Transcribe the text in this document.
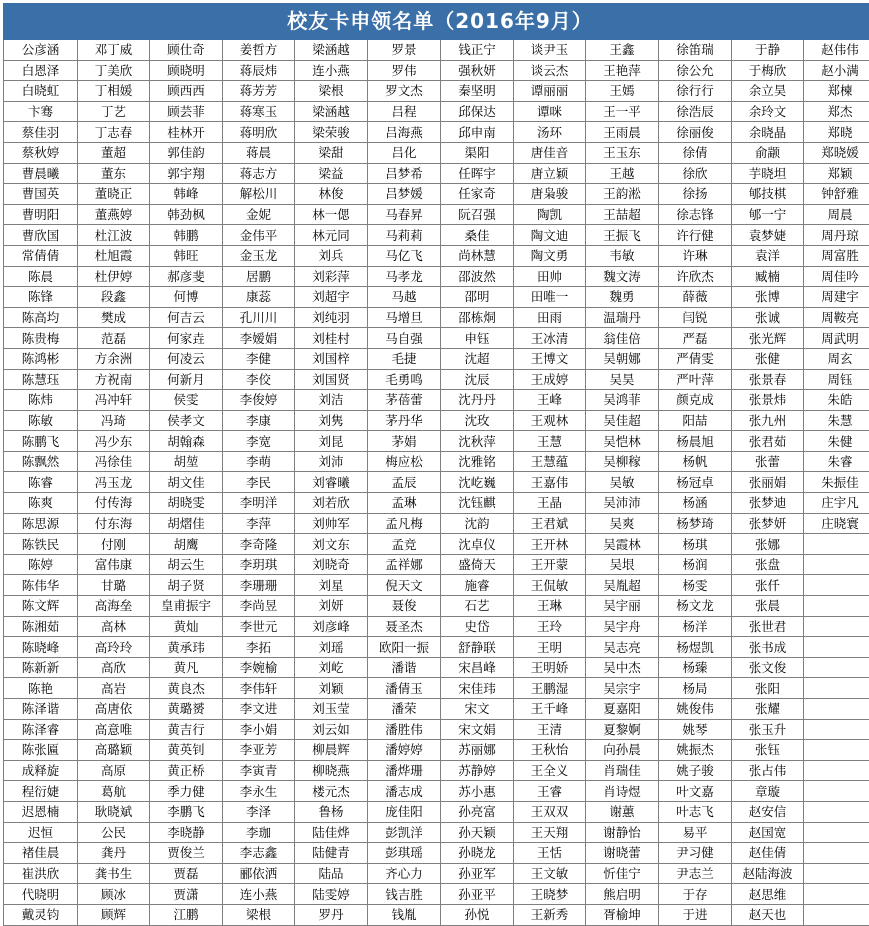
校友卡申领名单（2016年9月）											
公彦涵	邓丁威	顾仕奇	姜哲方	梁涵越	罗景	钱正宁	谈尹玉	王鑫	徐笛瑞	于静	赵伟伟
白恩泽	丁美欣	顾晓明	蒋辰炜	连小燕	罗伟	强秋妍	谈云杰	王艳萍	徐公允	于梅欣	赵小满
白晓虹	丁相媛	顾西西	蒋芳芳	梁根	罗文杰	秦坚明	谭丽丽	王嫣	徐行行	余立昊	郑楝
卞骞	丁艺	顾芸菲	蒋寒玉	梁涵越	吕程	邱保达	谭咪	王一平	徐浩辰	余玲文	郑杰
蔡佳羽	丁志春	桂林开	蒋明欣	梁荣骏	吕海燕	邱申南	汤环	王雨晨	徐丽俊	余晓晶	郑晓
蔡秋婷	董超	郭佳韵	蒋晨	梁甜	吕化	渠阳	唐佳音	王玉东	徐倩	俞颛	郑晓媛
曹晨曦	董东	郭宇翔	蒋志方	梁益	吕梦希	任晖宇	唐立颖	王越	徐欣	芋晓坦	郑颖
曹国英	董晓正	韩峰	解松川	林俊	吕梦媛	任家奇	唐枭骏	王韵淞	徐扬	郇技棋	钟舒雅
曹明阳	董燕婷	韩劲枫	金妮	林一偲	马春昇	阮召强	陶凯	王喆超	徐志锋	郇一宁	周晨
曹欣国	杜江波	韩鹏	金伟平	林元同	马莉莉	桑佳	陶文迪	王振飞	许行健	袁梦婕	周丹琼
常倩倩	杜旭霞	韩旺	金玉龙	刘兵	马亿飞	尚林慧	陶文勇	韦敏	许琳	袁洋	周富胜
陈晨	杜伊婷	郝彦斐	居鹏	刘彩萍	马孝龙	邵波然	田帅	魏文涛	许欣杰	臧楠	周佳吟
陈锋	段鑫	何博	康蕊	刘超宇	马越	邵明	田唯一	魏勇	薛薇	张博	周建宇
陈高均	樊成	何吉云	孔川川	刘纯羽	马增旦	邵栋烔	田雨	温瑞丹	闫锐	张诚	周鞍亮
陈贵梅	范磊	何家垚	李嫒娟	刘桂村	马自强	申钰	王冰清	翁佳倍	严磊	张光辉	周武明
陈鸿彬	方余洲	何凌云	李健	刘国梓	毛捷	沈超	王博文	吴朝娜	严倩雯	张健	周玄
陈慧珏	方祝南	何新月	李佼	刘国贤	毛勇鸣	沈辰	王成婷	吴昊	严叶萍	张景春	周钰
陈炜	冯冲轩	侯雯	李俊婷	刘洁	茅蓓蕾	沈丹丹	王峰	吴鸿菲	颜克成	张景炜	朱皓
陈敏	冯琦	侯孝文	李康	刘隽	茅丹华	沈玫	王观林	吴佳超	阳喆	张九州	朱慧
陈鹏飞	冯少东	胡翰森	李宽	刘昆	茅娟	沈秋萍	王慧	吴恺林	杨晨旭	张君茹	朱健
陈飘然	冯徐佳	胡堃	李萌	刘沛	梅应松	沈雅铭	王慧蕴	吴柳稼	杨帆	张蕾	朱睿
陈睿	冯玉龙	胡文佳	李民	刘睿曦	孟辰	沈屹巍	王嘉伟	吴敏	杨冠卓	张丽娟	朱振佳
陈爽	付传海	胡晓雯	李明洋	刘若欣	孟琳	沈钰麒	王晶	吴沛沛	杨涵	张梦迪	庄宇凡
陈思源	付东海	胡熠佳	李萍	刘帅军	孟凡梅	沈韵	王君斌	吴爽	杨梦琦	张梦妍	庄晓寰
陈铁民	付刚	胡鹰	李奇隆	刘文东	孟竞	沈卓仪	王开林	吴霞林	杨琪	张娜	
陈婷	富伟康	胡云生	李玥琪	刘晓奇	孟祥娜	盛倚天	王开蒙	吴垠	杨润	张盘	
陈伟华	甘璐	胡子贤	李珊珊	刘星	倪天文	施睿	王侃敏	吴胤超	杨雯	张仟	
陈文辉	高海垒	皇甫振宇	李尚昱	刘妍	聂俊	石艺	王琳	吴宇丽	杨文龙	张晨	
陈湘茹	高林	黄灿	李世元	刘彦峰	聂圣杰	史岱	王玲	吴宇舟	杨洋	张世君	
陈晓峰	高玲玲	黄承玮	李拓	刘瑶	欧阳一振	舒静联	王明	吴志亮	杨煜凯	张书成	
陈新新	高欣	黄凡	李婉榆	刘屹	潘谐	宋昌峰	王明娇	吴中杰	杨臻	张文俊	
陈艳	高岩	黄良杰	李伟轩	刘颖	潘倩玉	宋佳玮	王鹏湿	吴宗宇	杨局	张阳	
陈泽谐	高唐依	黄璐赟	李文进	刘玉莹	潘荣	宋文	王千峰	夏嘉阳	姚俊伟	张耀	
陈泽睿	高意唯	黄吉行	李小娟	刘云如	潘胜伟	宋文娟	王清	夏黎婀	姚琴	张玉升	
陈张匾	高璐颖	黄英钊	李亚芳	柳晨辉	潘婷婷	苏丽娜	王秋怡	向孙晨	姚振杰	张钰	
成释旋	高原	黄正桥	李寅青	柳晓燕	潘烨珊	苏静婷	王全义	肖瑞佳	姚子骏	张占伟	
程衍婕	葛航	季力健	李永生	楼元杰	潘志成	苏小惠	王睿	肖诗煜	叶文嘉	章璇	
迟恩楠	耿晓斌	李鹏飞	李泽	鲁杨	庞佳阳	孙亮富	王双双	谢蕙	叶志飞	赵安信	
迟恒	公民	李晓静	李珈	陆佳烨	彭凯洋	孙天颖	王天翔	谢静怡	易平	赵国宽	
褚佳晨	龚丹	贾俊兰	李志鑫	陆健青	彭琪瑶	孙晓龙	王恬	谢晓蕾	尹习健	赵佳倩	
崔洪欣	龚书生	贾磊	郦依洒	陆品	齐心力	孙亚军	王文敏	忻佳宁	尹志兰	赵陆海波	
代晓明	顾冰	贾潇	连小燕	陆雯婷	钱吉胜	孙亚平	王晓梦	熊启明	于存	赵思维	
戴灵钧	顾辉	江鹏	梁根	罗丹	钱胤	孙悦	王新秀	胥榆坤	于进	赵天也	
